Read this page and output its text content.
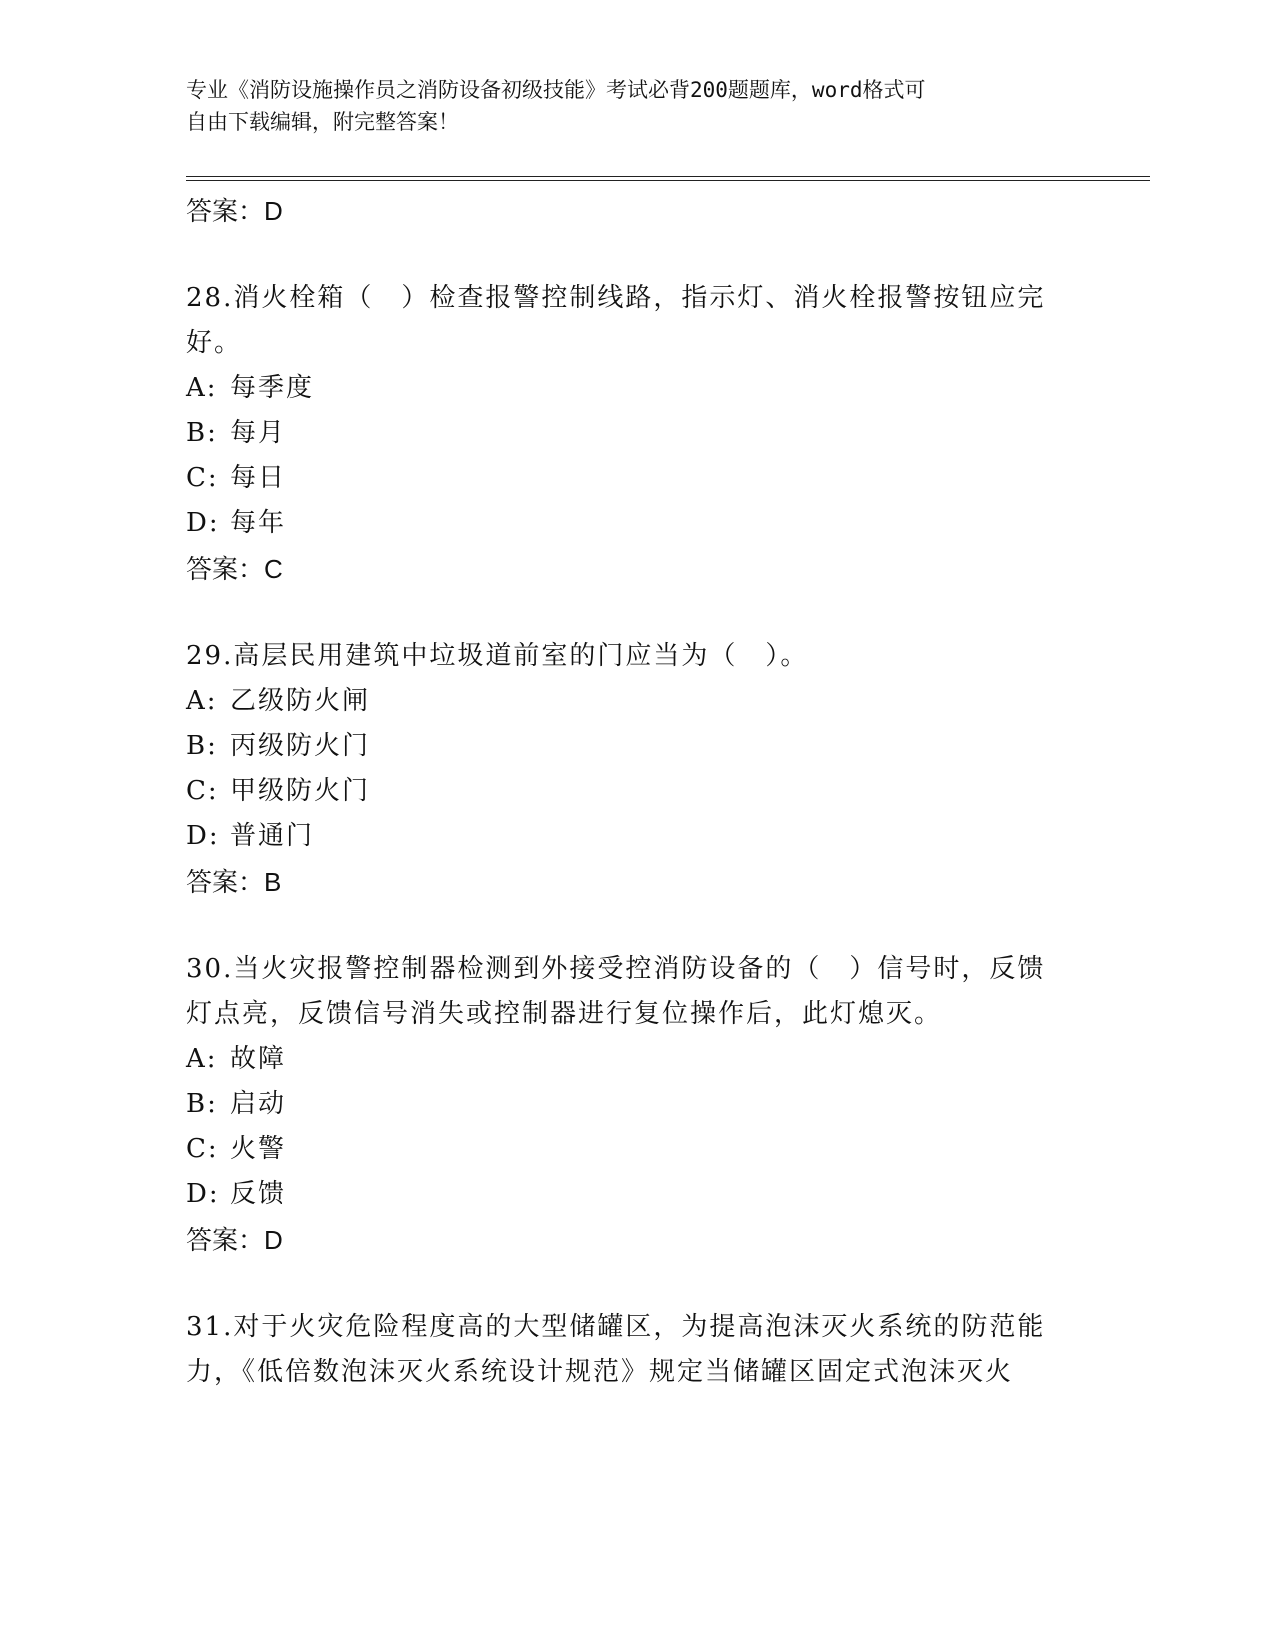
专业《消防设施操作员之消防设备初级技能》考试必背200题题库，word格式可
自由下载编辑，附完整答案！
答案：D
28.消火栓箱（　）检查报警控制线路，指示灯、消火栓报警按钮应完
好。
A: 每季度
B: 每月
C: 每日
D: 每年
答案：C
29.高层民用建筑中垃圾道前室的门应当为（　）。
A: 乙级防火闸
B: 丙级防火门
C: 甲级防火门
D: 普通门
答案：B
30.当火灾报警控制器检测到外接受控消防设备的（　）信号时，反馈
灯点亮，反馈信号消失或控制器进行复位操作后，此灯熄灭。
A: 故障
B: 启动
C: 火警
D: 反馈
答案：D
31.对于火灾危险程度高的大型储罐区，为提高泡沫灭火系统的防范能
力，《低倍数泡沫灭火系统设计规范》规定当储罐区固定式泡沫灭火
